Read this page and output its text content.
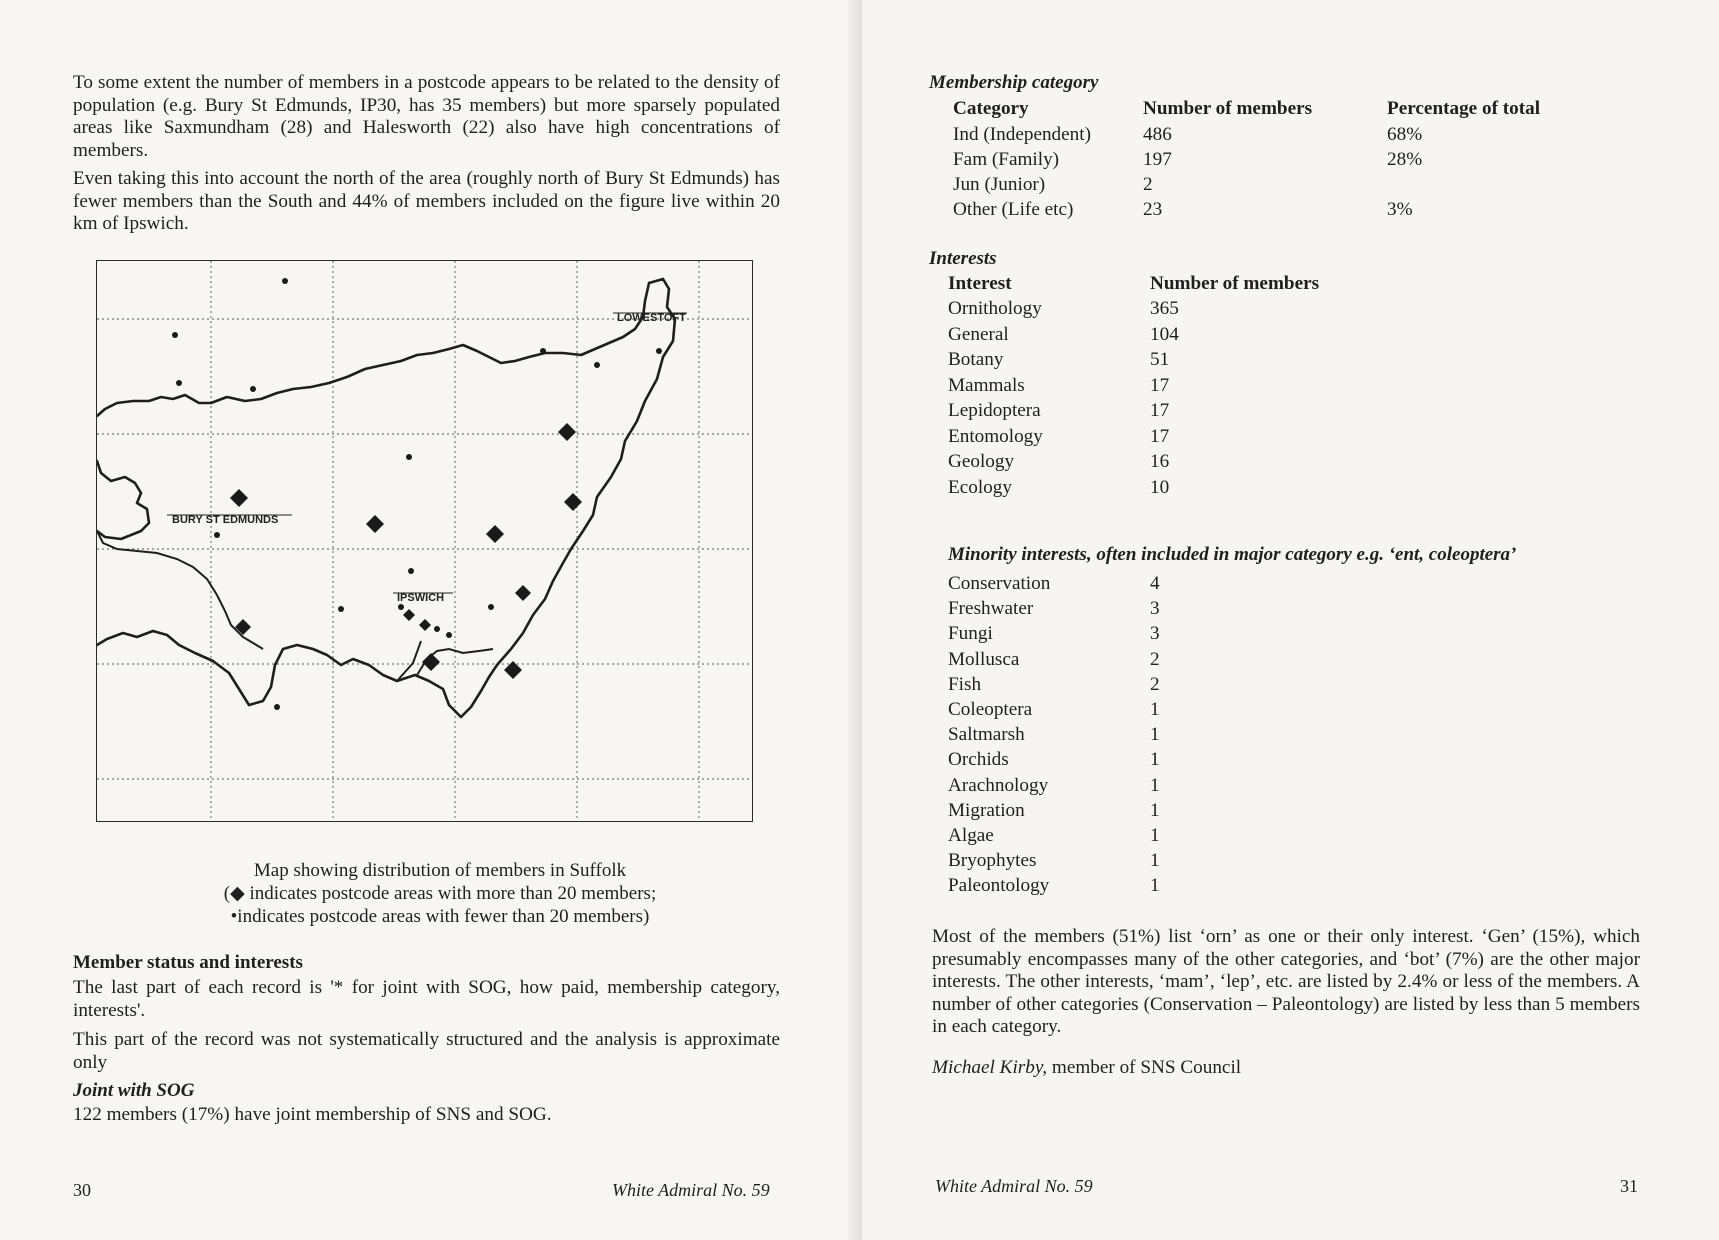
To some extent the number of members in a postcode appears to be related to the density of population (e.g. Bury St Edmunds, IP30, has 35 members) but more sparsely populated areas like Saxmundham (28) and Halesworth (22) also have high concentrations of members.

Even taking this into account the north of the area (roughly north of Bury St Edmunds) has fewer members than the South and 44% of members included on the figure live within 20 km of Ipswich.

LOWESTOFT
BURY ST EDMUNDS
IPSWICH
Map showing distribution of members in Suffolk
(◆ indicates postcode areas with more than 20 members;
•indicates postcode areas with fewer than 20 members)

Member status and interests

The last part of each record is '* for joint with SOG, how paid, membership category, interests'.

This part of the record was not systematically structured and the analysis is approximate only

Joint with SOG

122 members (17%) have joint membership of SNS and SOG.

30	White Admiral No. 59

Membership category

Category	Number of members	Percentage of total
Ind (Independent)	486	68%
Fam (Family)	197	28%
Jun (Junior)	2
Other (Life etc)	23	3%

Interests

Interest	Number of members
Ornithology	365
General	104
Botany	51
Mammals	17
Lepidoptera	17
Entomology	17
Geology	16
Ecology	10

Minority interests, often included in major category e.g. ‘ent, coleoptera’

Conservation	4
Freshwater	3
Fungi	3
Mollusca	2
Fish	2
Coleoptera	1
Saltmarsh	1
Orchids	1
Arachnology	1
Migration	1
Algae	1
Bryophytes	1
Paleontology	1

Most of the members (51%) list ‘orn’ as one or their only interest. ‘Gen’ (15%), which presumably encompasses many of the other categories, and ‘bot’ (7%) are the other major interests. The other interests, ‘mam’, ‘lep’, etc. are listed by 2.4% or less of the members. A number of other categories (Conservation – Paleontology) are listed by less than 5 members in each category.

Michael Kirby, member of SNS Council

White Admiral No. 59	31
